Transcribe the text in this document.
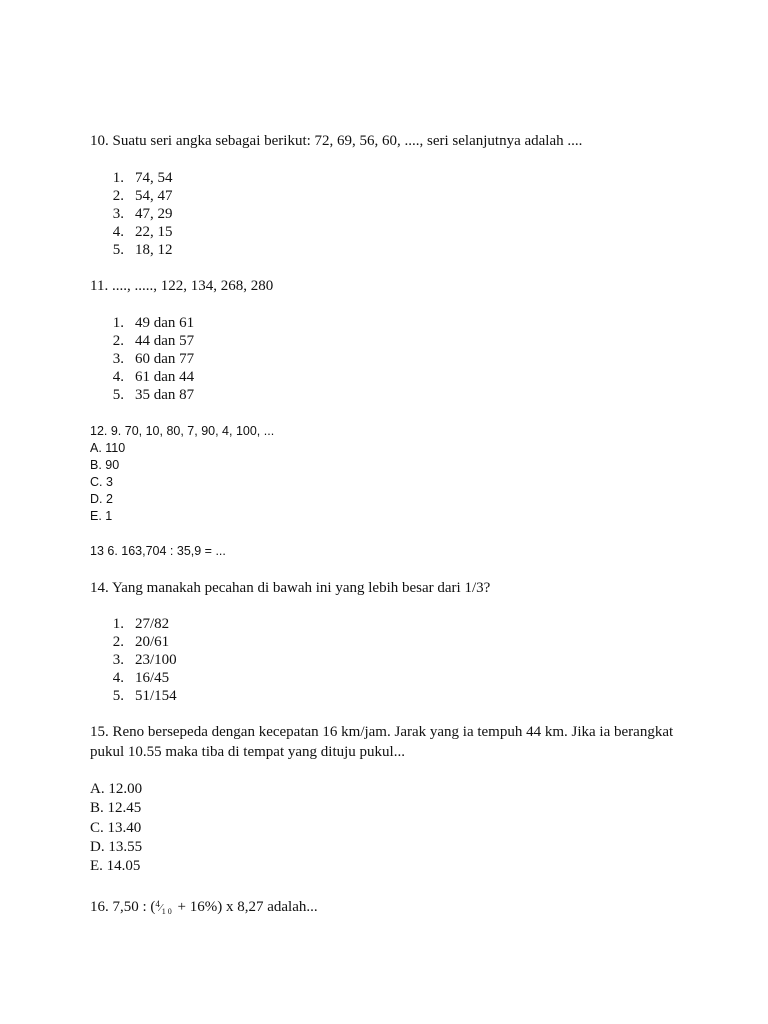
10. Suatu seri angka sebagai berikut: 72, 69, 56, 60, ...., seri selanjutnya adalah ....

1. 74, 54
2. 54, 47
3. 47, 29
4. 22, 15
5. 18, 12

11. ...., ....., 122, 134, 268, 280

1. 49 dan 61
2. 44 dan 57
3. 60 dan 77
4. 61 dan 44
5. 35 dan 87

12. 9. 70, 10, 80, 7, 90, 4, 100, ...

A. 110

B. 90

C. 3

D. 2

E. 1

13 6. 163,704 : 35,9 = ...

14. Yang manakah pecahan di bawah ini yang lebih besar dari 1/3?

1. 27/82
2. 20/61
3. 23/100
4. 16/45
5. 51/154

15. Reno bersepeda dengan kecepatan 16 km/jam. Jarak yang ia tempuh 44 km. Jika ia berangkat

pukul 10.55 maka tiba di tempat yang dituju pukul...

A. 12.00

B. 12.45

C. 13.40

D. 13.55

E. 14.05

16. 7,50 : $(^4⁄_{10} + 16\%)$ x 8,27 adalah...
